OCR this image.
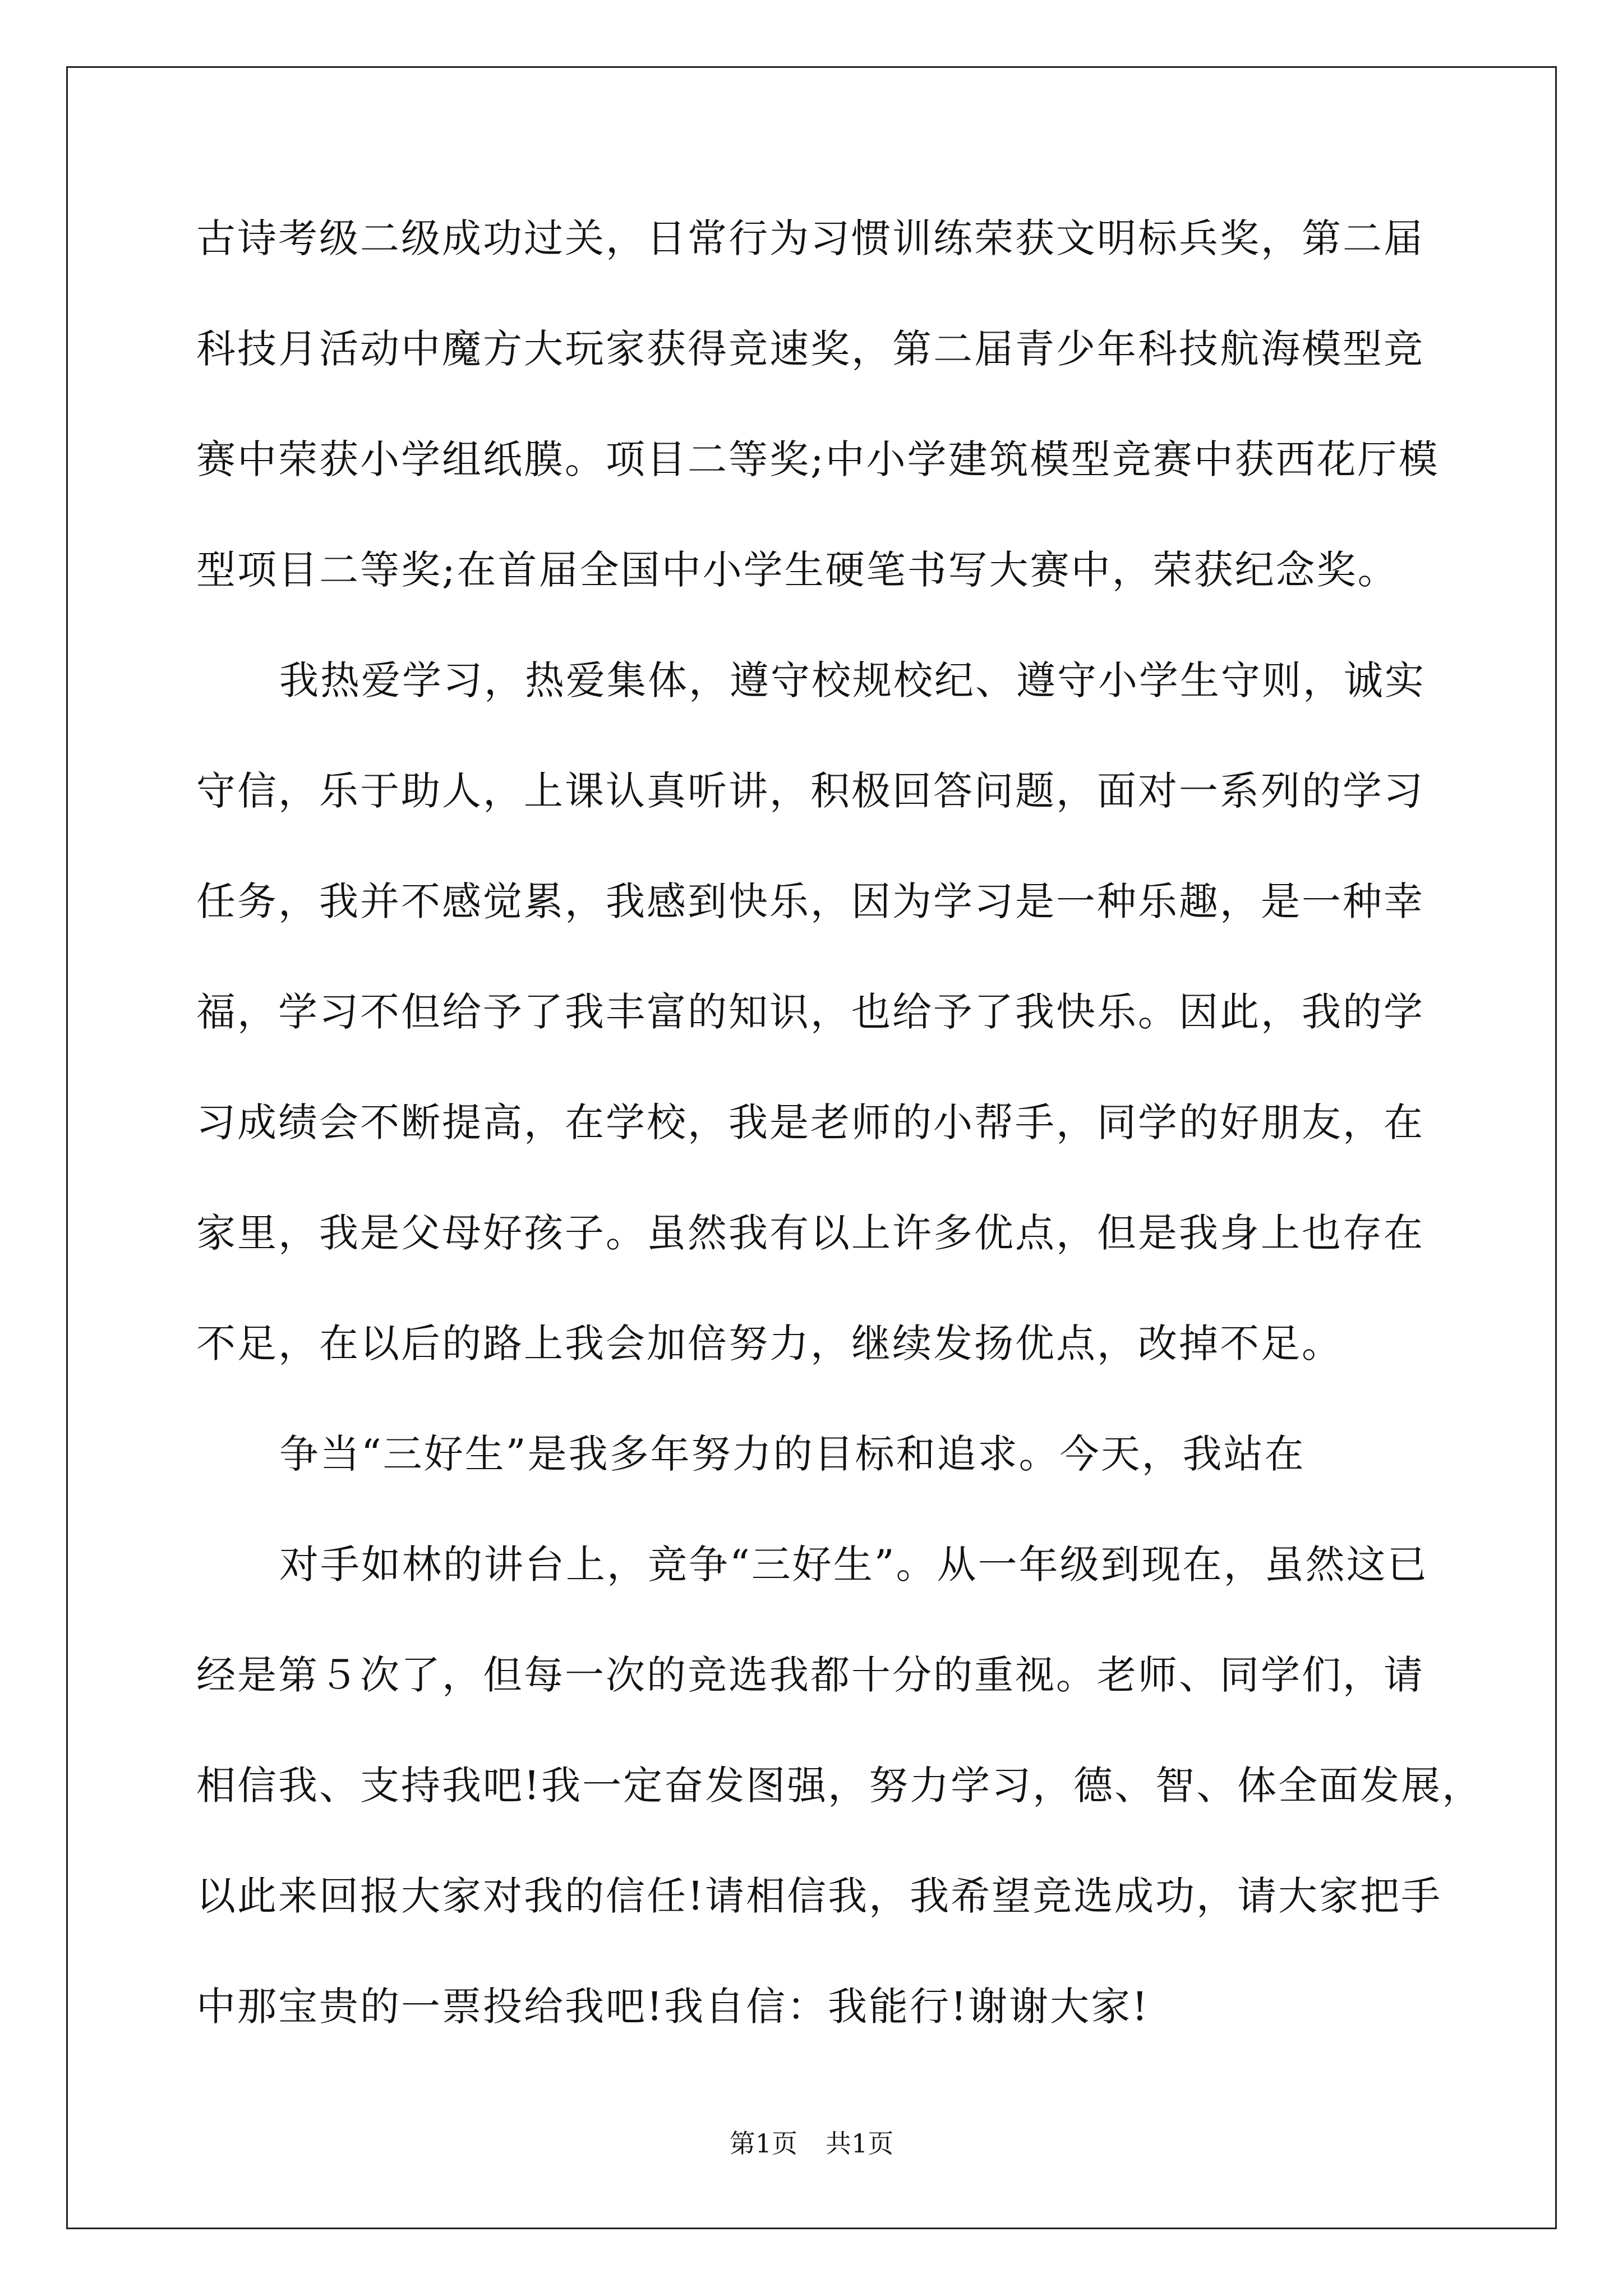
古诗考级二级成功过关，日常行为习惯训练荣获文明标兵奖，第二届
科技月活动中魔方大玩家获得竞速奖，第二届青少年科技航海模型竞
赛中荣获小学组纸膜。项目二等奖;中小学建筑模型竞赛中获西花厅模
型项目二等奖;在首届全国中小学生硬笔书写大赛中，荣获纪念奖。
我热爱学习，热爱集体，遵守校规校纪、遵守小学生守则，诚实
守信，乐于助人，上课认真听讲，积极回答问题，面对一系列的学习
任务，我并不感觉累，我感到快乐，因为学习是一种乐趣，是一种幸
福，学习不但给予了我丰富的知识，也给予了我快乐。因此，我的学
习成绩会不断提高，在学校，我是老师的小帮手，同学的好朋友，在
家里，我是父母好孩子。虽然我有以上许多优点，但是我身上也存在
不足，在以后的路上我会加倍努力，继续发扬优点，改掉不足。
争当“三好生”是我多年努力的目标和追求。今天，我站在
对手如林的讲台上，竞争“三好生”。从一年级到现在，虽然这已
经是第５次了，但每一次的竞选我都十分的重视。老师、同学们，请
相信我、支持我吧!我一定奋发图强，努力学习，德、智、体全面发展，
以此来回报大家对我的信任!请相信我，我希望竞选成功，请大家把手
中那宝贵的一票投给我吧!我自信：我能行!谢谢大家!
第1页 共1页
